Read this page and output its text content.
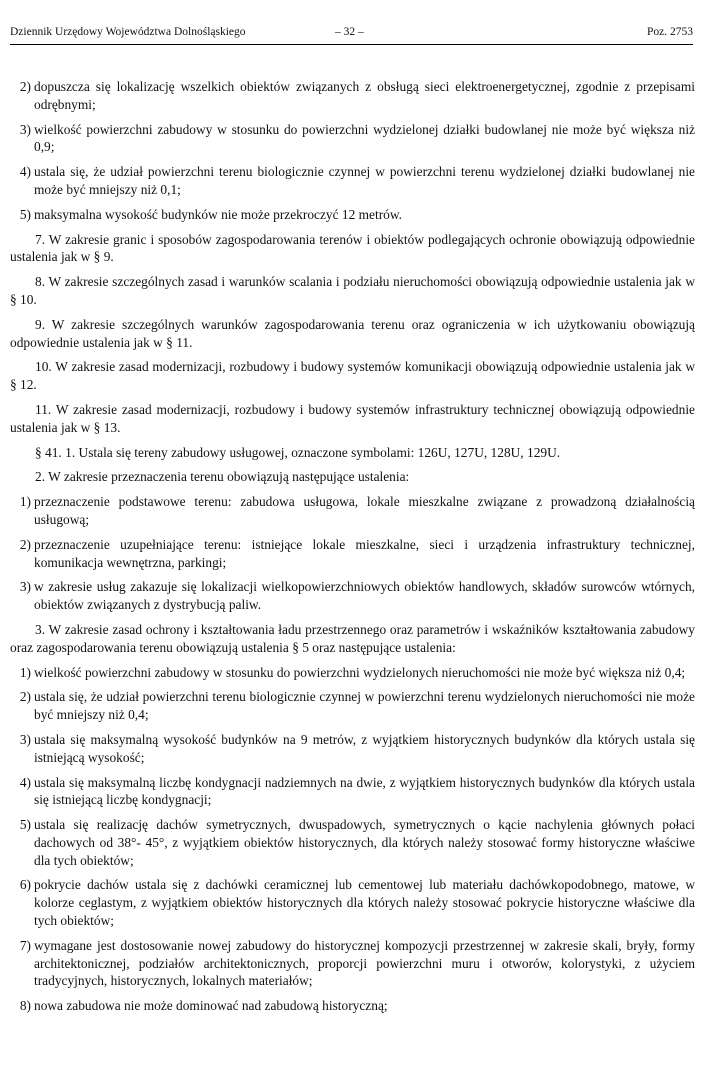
Dziennik Urzędowy Województwa Dolnośląskiego	– 32 –	Poz. 2753
2) dopuszcza się lokalizację wszelkich obiektów związanych z obsługą sieci elektroenergetycznej, zgodnie z przepisami odrębnymi;
3) wielkość powierzchni zabudowy w stosunku do powierzchni wydzielonej działki budowlanej nie może być większa niż 0,9;
4) ustala się, że udział powierzchni terenu biologicznie czynnej w powierzchni terenu wydzielonej działki budowlanej nie może być mniejszy niż 0,1;
5) maksymalna wysokość budynków nie może przekroczyć 12 metrów.
7. W zakresie granic i sposobów zagospodarowania terenów i obiektów podlegających ochronie obowiązują odpowiednie ustalenia jak w § 9.
8. W zakresie szczególnych zasad i warunków scalania i podziału nieruchomości obowiązują odpowiednie ustalenia jak w § 10.
9. W zakresie szczególnych warunków zagospodarowania terenu oraz ograniczenia w ich użytkowaniu obowiązują odpowiednie ustalenia jak w § 11.
10. W zakresie zasad modernizacji, rozbudowy i budowy systemów komunikacji obowiązują odpowiednie ustalenia jak w § 12.
11. W zakresie zasad modernizacji, rozbudowy i budowy systemów infrastruktury technicznej obowiązują odpowiednie ustalenia jak w § 13.
§ 41. 1. Ustala się tereny zabudowy usługowej, oznaczone symbolami: 126U, 127U, 128U, 129U.
2. W zakresie przeznaczenia terenu obowiązują następujące ustalenia:
1) przeznaczenie podstawowe terenu: zabudowa usługowa, lokale mieszkalne związane z prowadzoną działalnością usługową;
2) przeznaczenie uzupełniające terenu: istniejące lokale mieszkalne, sieci i urządzenia infrastruktury technicznej, komunikacja wewnętrzna, parkingi;
3) w zakresie usług zakazuje się lokalizacji wielkopowierzchniowych obiektów handlowych, składów surowców wtórnych, obiektów związanych z dystrybucją paliw.
3. W zakresie zasad ochrony i kształtowania ładu przestrzennego oraz parametrów i wskaźników kształtowania zabudowy oraz zagospodarowania terenu obowiązują ustalenia § 5 oraz następujące ustalenia:
1) wielkość powierzchni zabudowy w stosunku do powierzchni wydzielonych nieruchomości nie może być większa niż 0,4;
2) ustala się, że udział powierzchni terenu biologicznie czynnej w powierzchni terenu wydzielonych nieruchomości nie może być mniejszy niż 0,4;
3) ustala się maksymalną wysokość budynków na 9 metrów, z wyjątkiem historycznych budynków dla których ustala się istniejącą wysokość;
4) ustala się maksymalną liczbę kondygnacji nadziemnych na dwie, z wyjątkiem historycznych budynków dla których ustala się istniejącą liczbę kondygnacji;
5) ustala się realizację dachów symetrycznych, dwuspadowych, symetrycznych o kącie nachylenia głównych połaci dachowych od 38°- 45°, z wyjątkiem obiektów historycznych, dla których należy stosować formy historyczne właściwe dla tych obiektów;
6) pokrycie dachów ustala się z dachówki ceramicznej lub cementowej lub materiału dachówkopodobnego, matowe, w kolorze ceglastym, z wyjątkiem obiektów historycznych dla których należy stosować pokrycie historyczne właściwe dla tych obiektów;
7) wymagane jest dostosowanie nowej zabudowy do historycznej kompozycji przestrzennej w zakresie skali, bryły, formy architektonicznej, podziałów architektonicznych, proporcji powierzchni muru i otworów, kolorystyki, z użyciem tradycyjnych, historycznych, lokalnych materiałów;
8) nowa zabudowa nie może dominować nad zabudową historyczną;
